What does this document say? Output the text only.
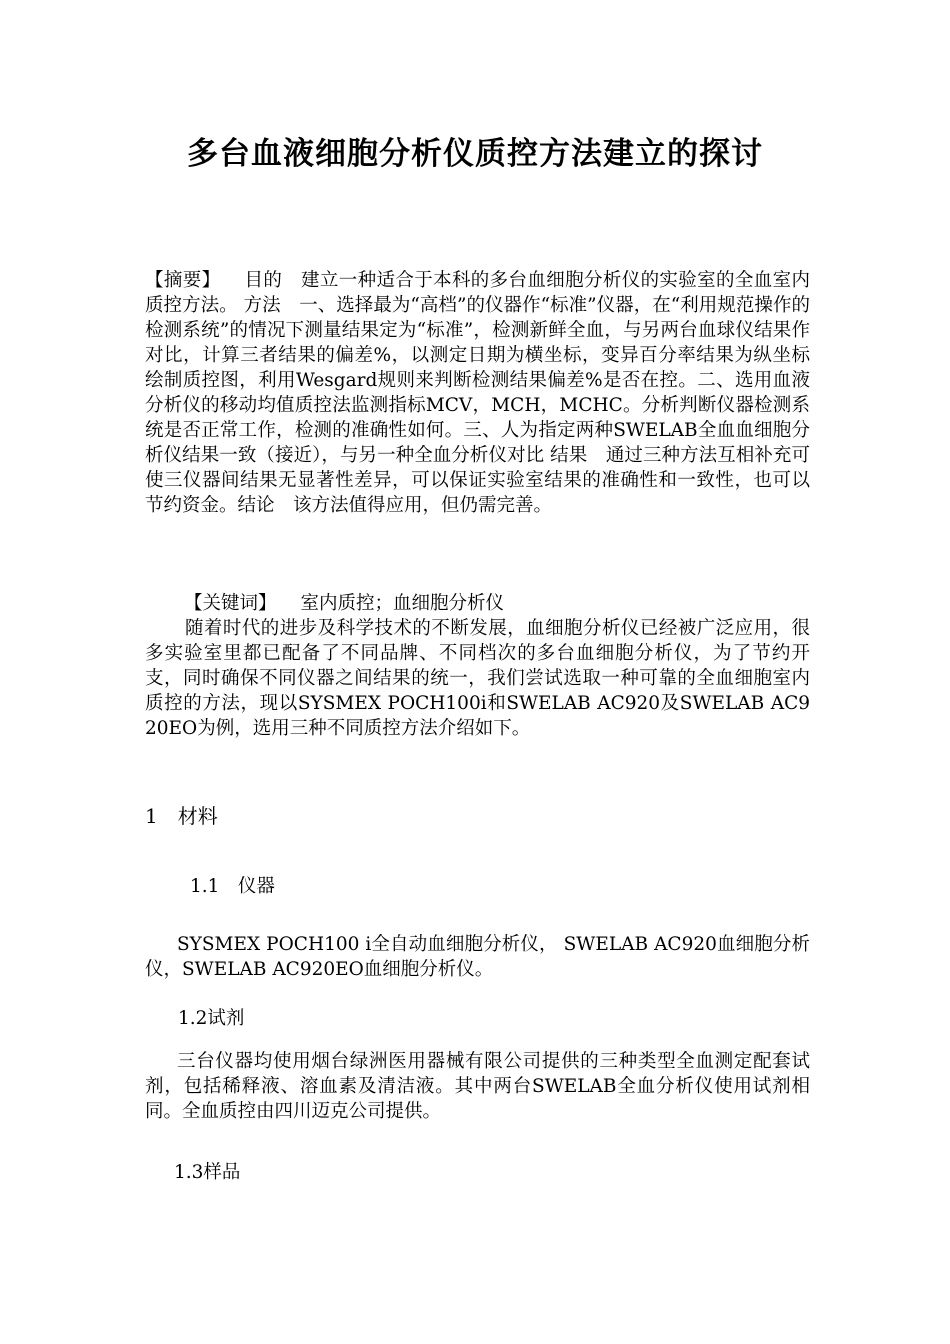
多台血液细胞分析仪质控方法建立的探讨

【摘要】 目的　建立一种适合于本科的多台血细胞分析仪的实验室的全血室内质控方法。 方法　一、选择最为“高档”的仪器作“标准”仪器，在“利用规范操作的检测系统”的情况下测量结果定为“标准”，检测新鲜全血，与另两台血球仪结果作对比，计算三者结果的偏差%，以测定日期为横坐标，变异百分率结果为纵坐标绘制质控图，利用Wesgard规则来判断检测结果偏差%是否在控。二、选用血液分析仪的移动均值质控法监测指标MCV，MCH，MCHC。分析判断仪器检测系统是否正常工作，检测的准确性如何。三、人为指定两种SWELAB全血血细胞分析仪结果一致（接近），与另一种全血分析仪对比 结果　通过三种方法互相补充可使三仪器间结果无显著性差异，可以保证实验室结果的准确性和一致性，也可以节约资金。结论　该方法值得应用，但仍需完善。

【关键词】 室内质控；血细胞分析仪

随着时代的进步及科学技术的不断发展，血细胞分析仪已经被广泛应用，很多实验室里都已配备了不同品牌、不同档次的多台血细胞分析仪，为了节约开支，同时确保不同仪器之间结果的统一，我们尝试选取一种可靠的全血细胞室内质控的方法，现以SYSMEX POCH100i和SWELAB AC920及SWELAB AC920EO为例，选用三种不同质控方法介绍如下。

1　材料
1.1　仪器

SYSMEX POCH100 i全自动血细胞分析仪， SWELAB AC920血细胞分析仪，SWELAB AC920EO血细胞分析仪。

1.2试剂

三台仪器均使用烟台绿洲医用器械有限公司提供的三种类型全血测定配套试剂，包括稀释液、溶血素及清洁液。其中两台SWELAB全血分析仪使用试剂相同。全血质控由四川迈克公司提供。

1.3样品
